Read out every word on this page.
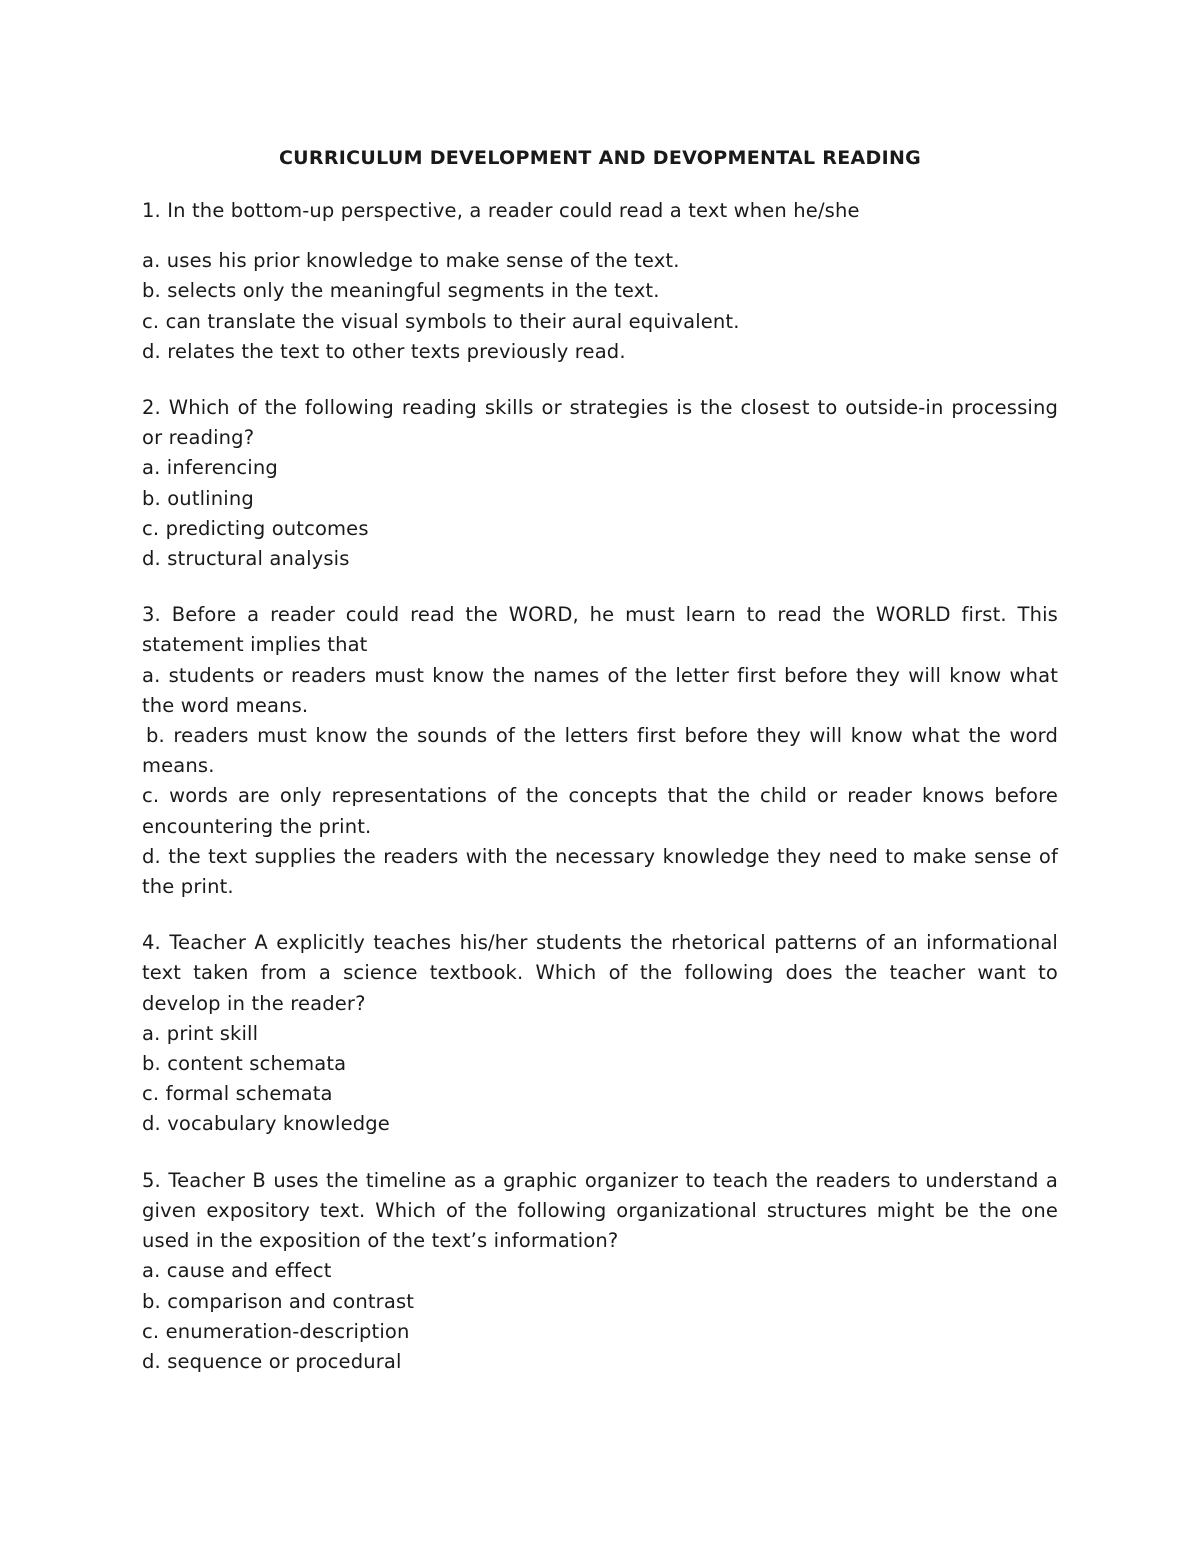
CURRICULUM DEVELOPMENT AND DEVOPMENTAL READING

1. In the bottom-up perspective, a reader could read a text when he/she

a. uses his prior knowledge to make sense of the text.

b. selects only the meaningful segments in the text.

c. can translate the visual symbols to their aural equivalent.

d. relates the text to other texts previously read.

2. Which of the following reading skills or strategies is the closest to outside-in processing or reading?

a. inferencing

b. outlining

c. predicting outcomes

d. structural analysis

3. Before a reader could read the WORD, he must learn to read the WORLD first. This statement implies that

a. students or readers must know the names of the letter first before they will know what the word means.

b. readers must know the sounds of the letters first before they will know what the word means.

c. words are only representations of the concepts that the child or reader knows before encountering the print.

d. the text supplies the readers with the necessary knowledge they need to make sense of the print.

4. Teacher A explicitly teaches his/her students the rhetorical patterns of an informational text taken from a science textbook. Which of the following does the teacher want to develop in the reader?

a. print skill

b. content schemata

c. formal schemata

d. vocabulary knowledge

5. Teacher B uses the timeline as a graphic organizer to teach the readers to understand a given expository text. Which of the following organizational structures might be the one used in the exposition of the text’s information?

a. cause and effect

b. comparison and contrast

c. enumeration-description

d. sequence or procedural
